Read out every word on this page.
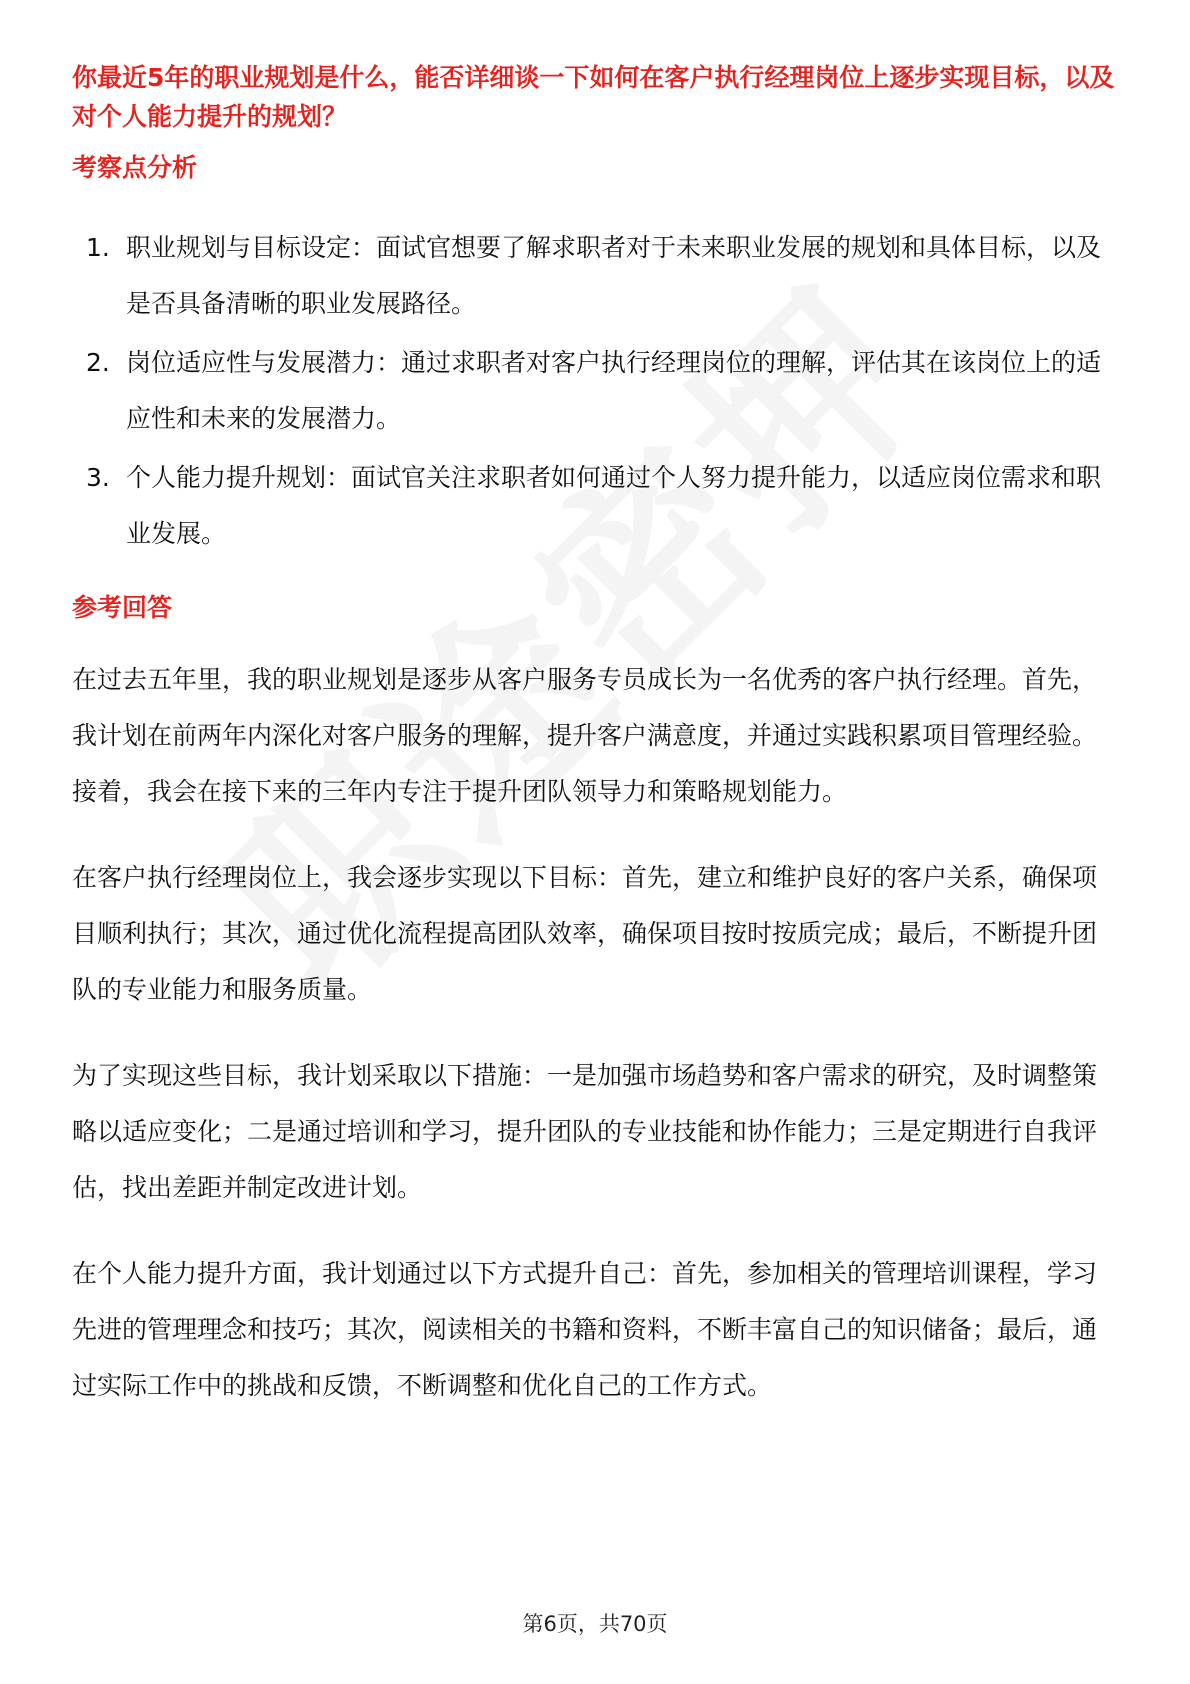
你最近5年的职业规划是什么，能否详细谈一下如何在客户执行经理岗位上逐步实现目标，以及对个人能力提升的规划？

考察点分析
1. 职业规划与目标设定：面试官想要了解求职者对于未来职业发展的规划和具体目标，以及是否具备清晰的职业发展路径。
2. 岗位适应性与发展潜力：通过求职者对客户执行经理岗位的理解，评估其在该岗位上的适应性和未来的发展潜力。
3. 个人能力提升规划：面试官关注求职者如何通过个人努力提升能力，以适应岗位需求和职业发展。
参考回答

在过去五年里，我的职业规划是逐步从客户服务专员成长为一名优秀的客户执行经理。首先，我计划在前两年内深化对客户服务的理解，提升客户满意度，并通过实践积累项目管理经验。接着，我会在接下来的三年内专注于提升团队领导力和策略规划能力。

在客户执行经理岗位上，我会逐步实现以下目标：首先，建立和维护良好的客户关系，确保项目顺利执行；其次，通过优化流程提高团队效率，确保项目按时按质完成；最后，不断提升团队的专业能力和服务质量。

为了实现这些目标，我计划采取以下措施：一是加强市场趋势和客户需求的研究，及时调整策略以适应变化；二是通过培训和学习，提升团队的专业技能和协作能力；三是定期进行自我评估，找出差距并制定改进计划。

在个人能力提升方面，我计划通过以下方式提升自己：首先，参加相关的管理培训课程，学习先进的管理理念和技巧；其次，阅读相关的书籍和资料，不断丰富自己的知识储备；最后，通过实际工作中的挑战和反馈，不断调整和优化自己的工作方式。

第6页，共70页
